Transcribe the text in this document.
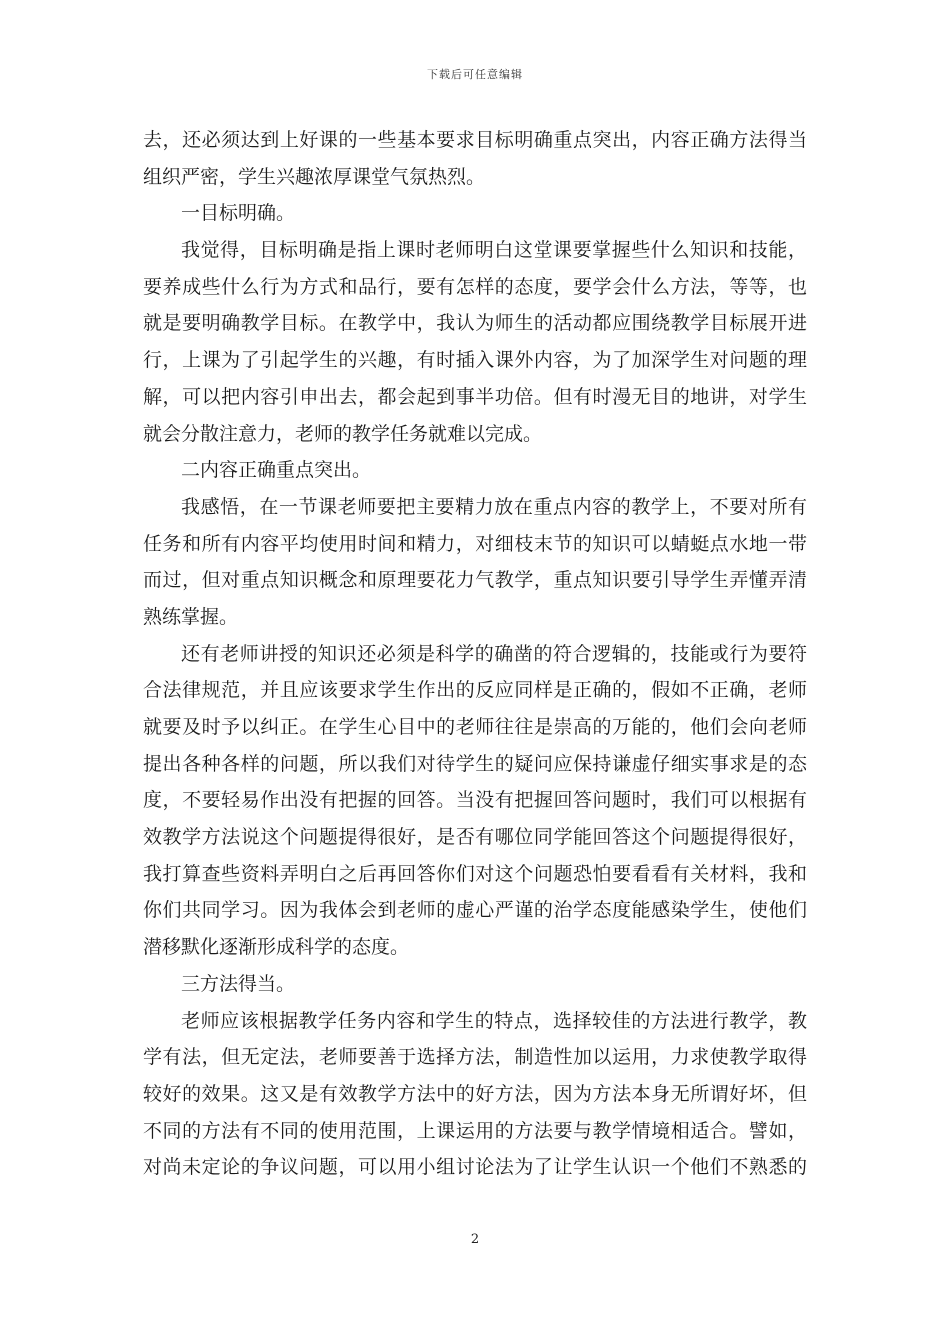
下载后可任意编辑
去，还必须达到上好课的一些基本要求目标明确重点突出，内容正确方法得当
组织严密，学生兴趣浓厚课堂气氛热烈。
一目标明确。
我觉得，目标明确是指上课时老师明白这堂课要掌握些什么知识和技能，
要养成些什么行为方式和品行，要有怎样的态度，要学会什么方法，等等，也
就是要明确教学目标。在教学中，我认为师生的活动都应围绕教学目标展开进
行，上课为了引起学生的兴趣，有时插入课外内容，为了加深学生对问题的理
解，可以把内容引申出去，都会起到事半功倍。但有时漫无目的地讲，对学生
就会分散注意力，老师的教学任务就难以完成。
二内容正确重点突出。
我感悟，在一节课老师要把主要精力放在重点内容的教学上，不要对所有
任务和所有内容平均使用时间和精力，对细枝末节的知识可以蜻蜓点水地一带
而过，但对重点知识概念和原理要花力气教学，重点知识要引导学生弄懂弄清
熟练掌握。
还有老师讲授的知识还必须是科学的确凿的符合逻辑的，技能或行为要符
合法律规范，并且应该要求学生作出的反应同样是正确的，假如不正确，老师
就要及时予以纠正。在学生心目中的老师往往是崇高的万能的，他们会向老师
提出各种各样的问题，所以我们对待学生的疑问应保持谦虚仔细实事求是的态
度，不要轻易作出没有把握的回答。当没有把握回答问题时，我们可以根据有
效教学方法说这个问题提得很好，是否有哪位同学能回答这个问题提得很好，
我打算查些资料弄明白之后再回答你们对这个问题恐怕要看看有关材料，我和
你们共同学习。因为我体会到老师的虚心严谨的治学态度能感染学生，使他们
潜移默化逐渐形成科学的态度。
三方法得当。
老师应该根据教学任务内容和学生的特点，选择较佳的方法进行教学，教
学有法，但无定法，老师要善于选择方法，制造性加以运用，力求使教学取得
较好的效果。这又是有效教学方法中的好方法，因为方法本身无所谓好坏，但
不同的方法有不同的使用范围，上课运用的方法要与教学情境相适合。譬如，
对尚未定论的争议问题，可以用小组讨论法为了让学生认识一个他们不熟悉的
2
